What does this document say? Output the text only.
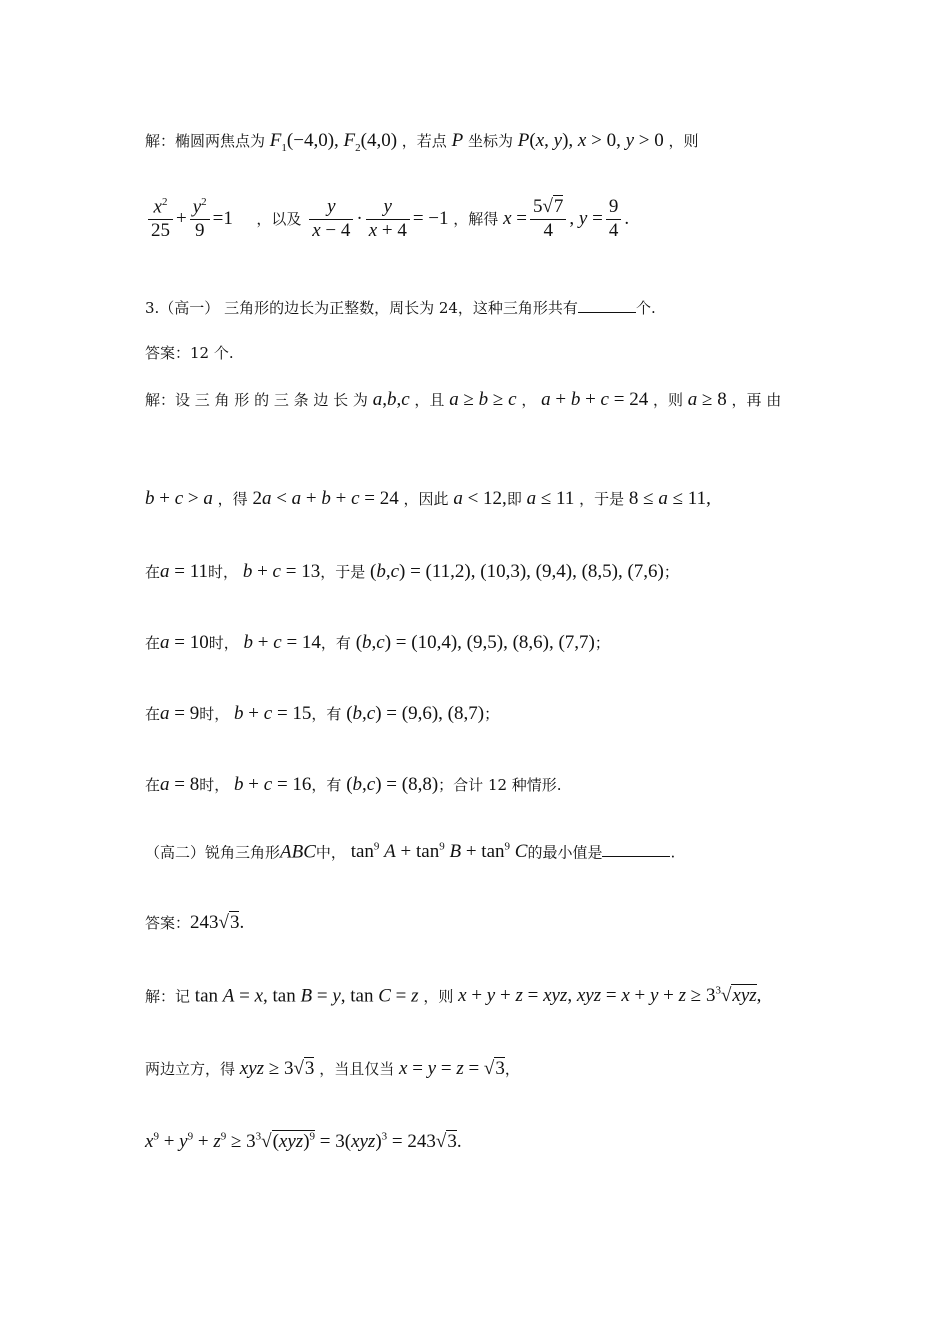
解：椭圆两焦点为 $F_1(-4,0)$, $F_2(4,0)$ ，若点 P 坐标为 P(x, y), x > 0, y > 0 ，则
$\frac{x^2}{25} + \frac{y^2}{9} =1$  ，以及 $\frac{y}{x - 4} \cdot \frac{y}{x + 4} = -1$ ，解得 $x = \frac{5√7}{4}$ , $y = \frac{9}{4}$ .
3.（高一） 三角形的边长为正整数，周长为 24，这种三角形共有	个.
答案：12 个.
解：设 三 角 形 的 三 条 边 长 为 a,b,c ，且 a ≥ b ≥ c ， a + b + c = 24 ，则 a ≥ 8 ，再 由
b + c > a ，得 2a < a + b + c = 24 ，因此 a < 12,即 a ≤ 11 ，于是 8 ≤ a ≤ 11,
在a = 11时， b + c = 13，于是 (b,c) = (11,2), (10,3), (9,4), (8,5), (7,6)；
在a = 10时， b + c = 14，有 (b,c) = (10,4), (9,5), (8,6), (7,7)；
在a = 9时， b + c = 15，有 (b,c) = (9,6), (8,7)；
在a = 8时， b + c = 16，有 (b,c) = (8,8)；合计 12 种情形.
（高二）锐角三角形ABC中， $\tan^9 A + \tan^9 B + \tan^9 C$的最小值是	.
答案：243√3.
解：记 tan A = x, tan B = y, tan C = z ，则 x + y + z = xyz, xyz = $x + y + z \ge 3^3√xyz$,
两边立方，得 xyz ≥ 3√3 ，当且仅当 x = y = z = √3，
$x^9 + y^9 + z^9 \ge 3^3√(xyz)^9 = 3(xyz)^3 = 243√3$.
